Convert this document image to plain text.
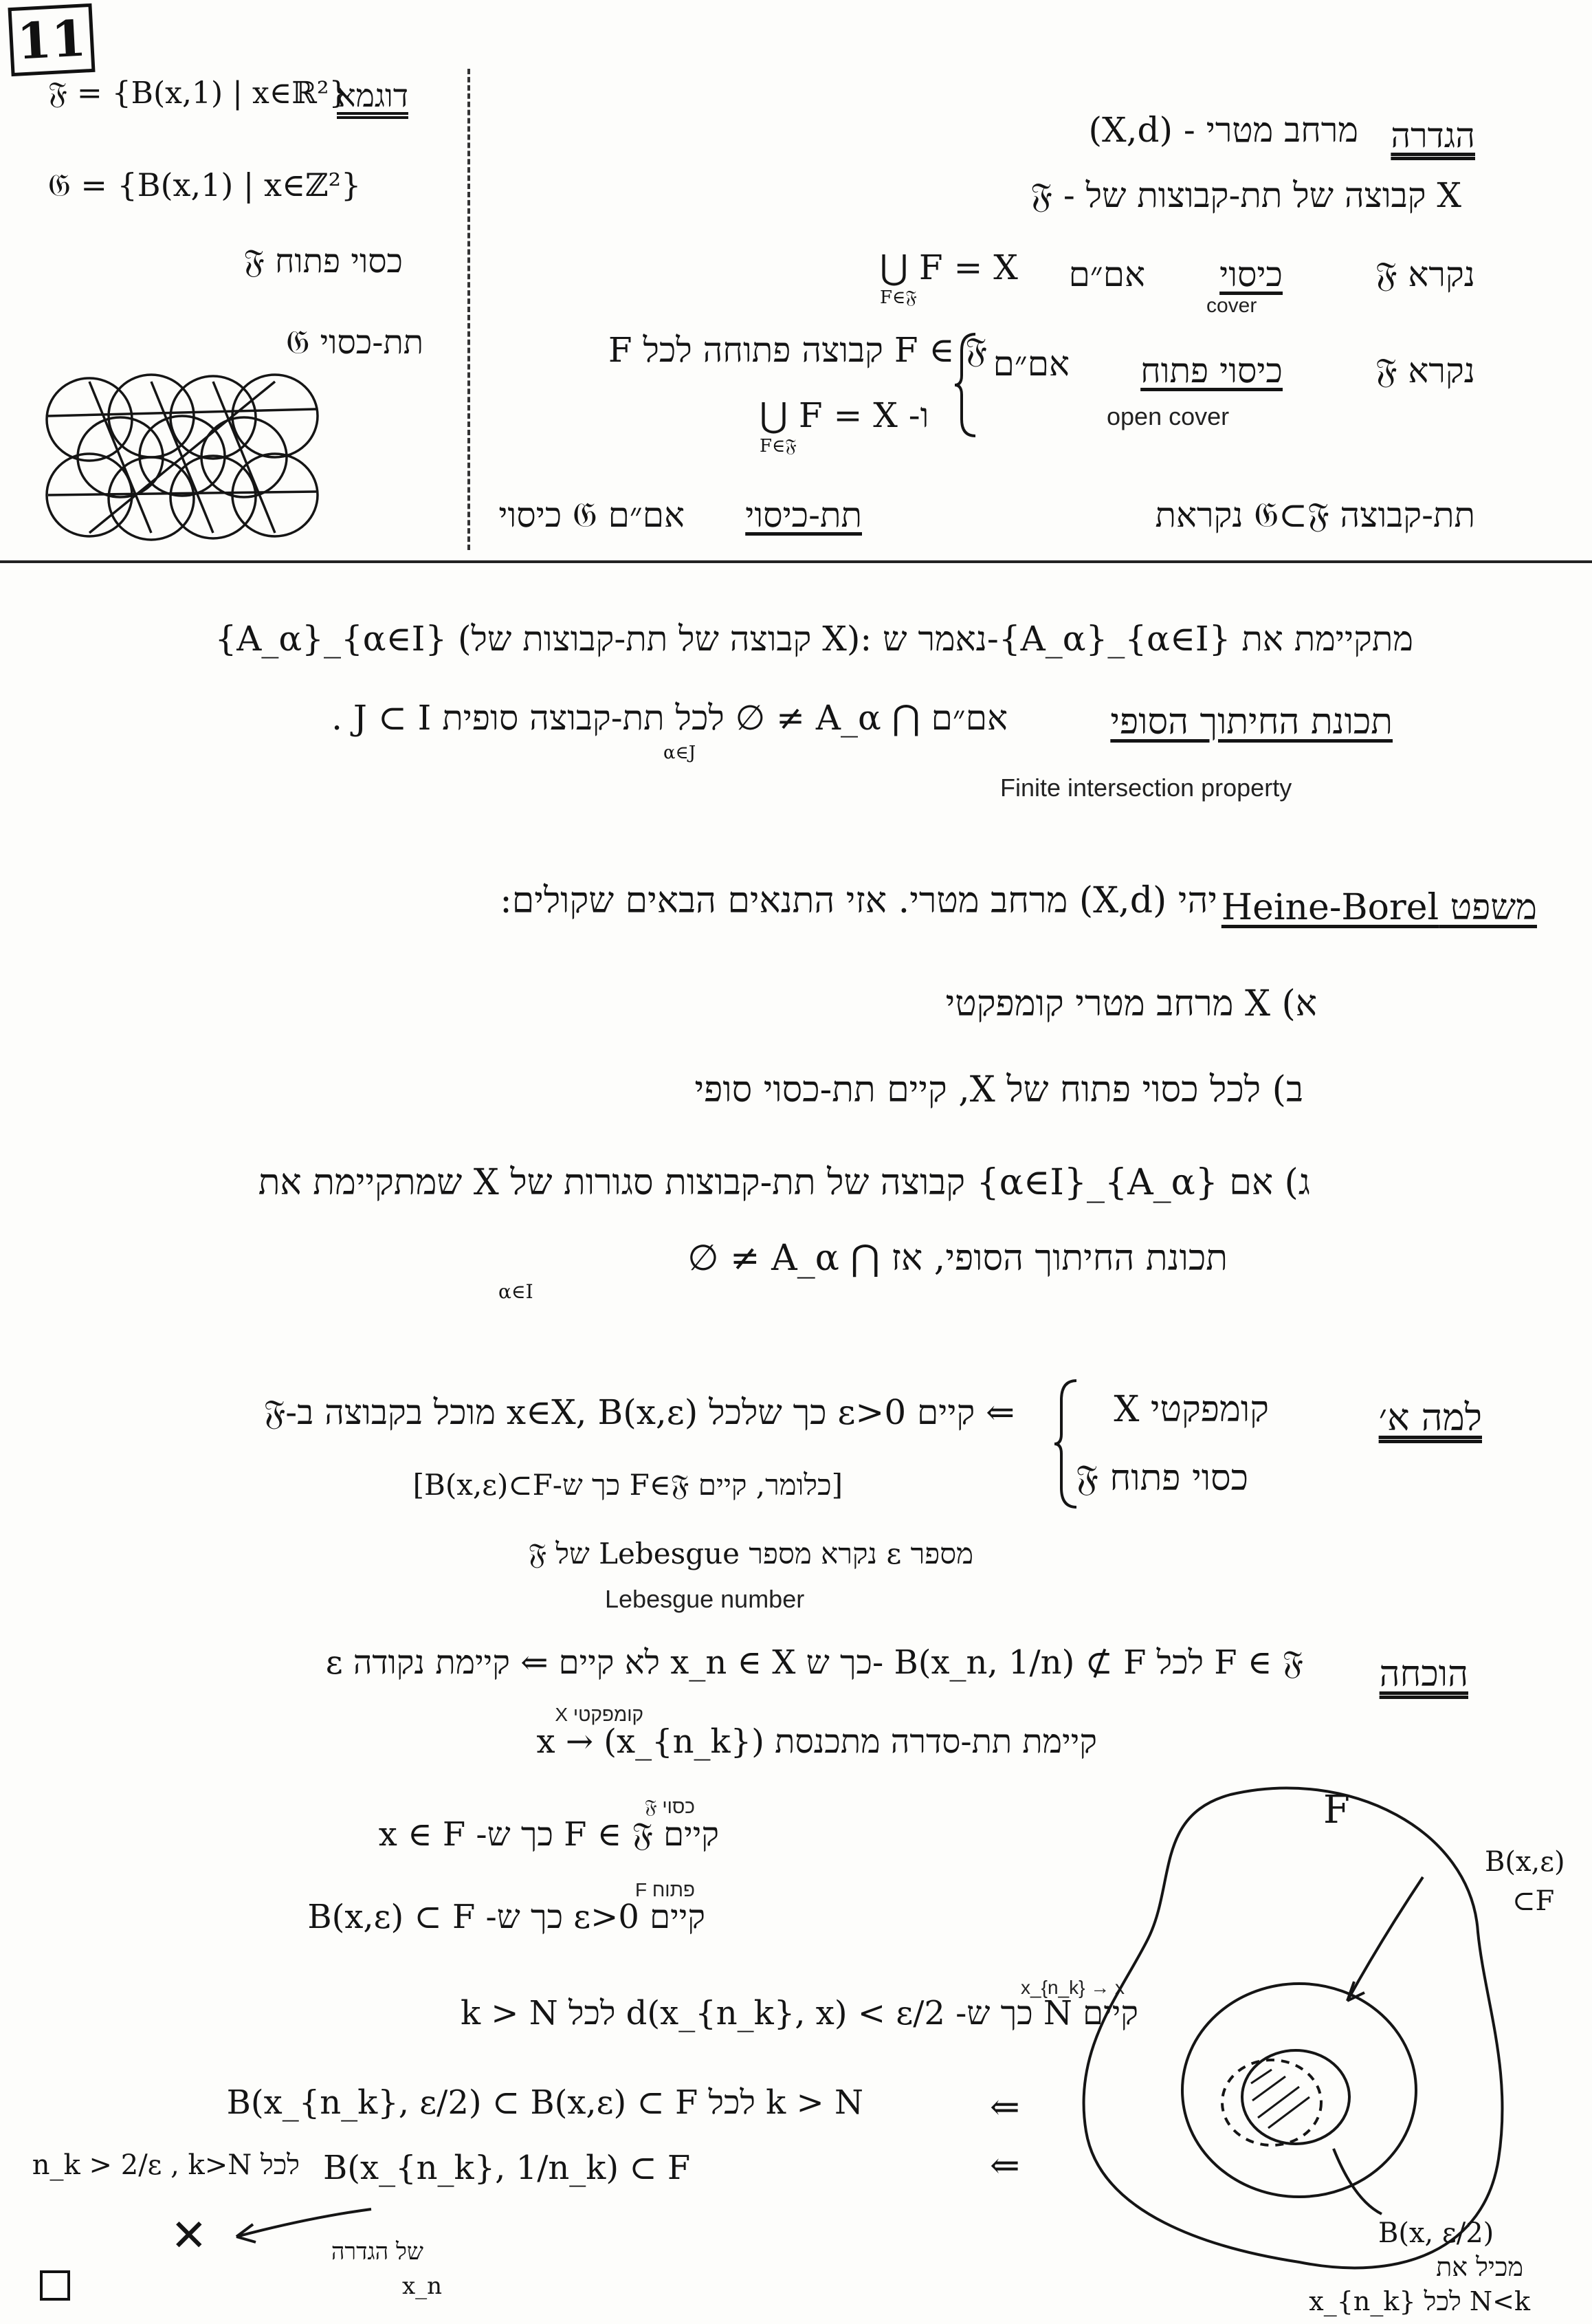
11
דוגמא
𝔉 = {B(x,1) | x∈ℝ²}
𝔊 = {B(x,1) | x∈ℤ²}
𝔉 כסוי פתוח
𝔊 תת-כסוי
הגדרה
(X,d) - מרחב מטרי
𝔉 - קבוצה של תת-קבוצות של X
𝔉 נקרא
כיסוי
cover
אם״ם
⋃ F = X
F∈𝔉
𝔉 נקרא
כיסוי פתוח
open cover
אם״ם
F קבוצה פתוחה לכל F ∈ 𝔉
⋃ F = X -ו
F∈𝔉
תת-קבוצה 𝔊⊂𝔉 נקראת
תת-כיסוי
אם״ם 𝔊 כיסוי
{A_α}_{α∈I} (קבוצה של תת-קבוצות של X): נאמר ש-{A_α}_{α∈I} מתקיימת את
תכונת החיתוך הסופי
אם״ם ⋂ A_α ≠ ∅ לכל תת-קבוצה סופית J ⊂ I .
α∈J
Finite intersection property
משפט Heine-Borel
יהי (X,d) מרחב מטרי. אזי התנאים הבאים שקולים:
א) X מרחב מטרי קומפקטי
ב) לכל כסוי פתוח של X, קיים תת-כסוי סופי
ג) אם {A_α}_{α∈I} קבוצה של תת-קבוצות סגורות של X שמתקיימת את
תכונת החיתוך הסופי, אז ⋂ A_α ≠ ∅
α∈I
למה א׳
X קומפקטי
𝔉 כסוי פתוח
⇐ קיים ε>0 כך שלכל x∈X, B(x,ε) מוכל בקבוצה ב-𝔉
[כלומר, קיים F∈𝔉 כך ש-B(x,ε)⊂F]
מספר ε נקרא מספר Lebesgue של 𝔉
Lebesgue number
הוכחה
ε לא קיים ⇐ קיימת נקודה x_n ∈ X כך ש- B(x_n, 1/n) ⊄ F לכל F ∈ 𝔉
קיימת תת-סדרה מתכנסת (x_{n_k}) → x
X קומפקטי
קיים F ∈ 𝔉 כך ש- x ∈ F
𝔉 כסוי
קיים ε>0 כך ש- B(x,ε) ⊂ F
F פתוח
קיים N כך ש- d(x_{n_k}, x) < ε/2 לכל k > N
x_{n_k} → x
B(x_{n_k}, ε/2) ⊂ B(x,ε) ⊂ F לכל k > N	⇐
B(x_{n_k}, 1/n_k) ⊂ F
n_k > 2/ε , k>N לכל	⇐
✕	של הגדרה
x_n
F
B(x,ε)
⊂F
B(x, ε/2)
מכיל את
x_{n_k} לכל N<k
